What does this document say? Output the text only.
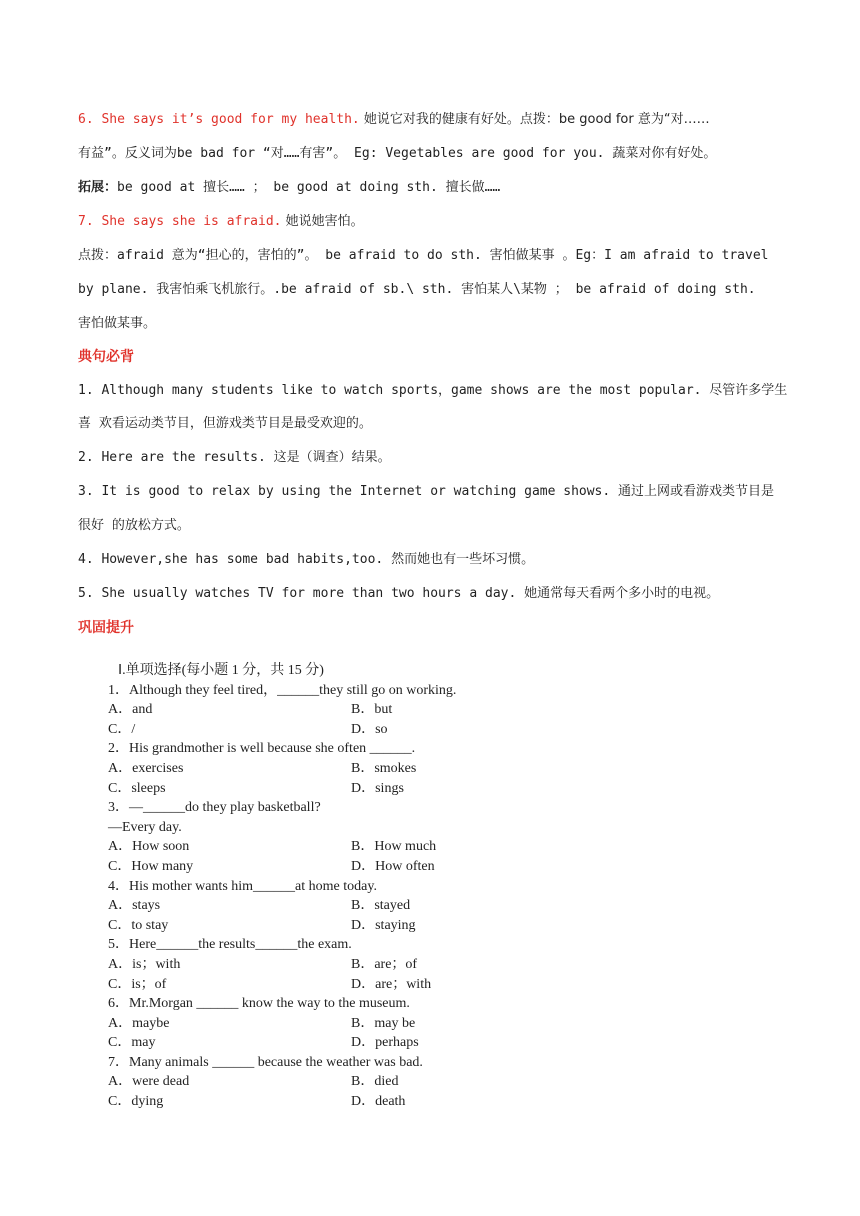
6. She says it’s good for my health. 她说它对我的健康有好处。点拨：be good for 意为“对……
有益”。反义词为be bad for “对……有害”。 Eg: Vegetables are good for you. 蔬菜对你有好处。
拓展：be good at 擅长…… ； be good at doing sth. 擅长做……
7. She says she is afraid. 她说她害怕。
点拨：afraid 意为“担心的，害怕的”。 be afraid to do sth. 害怕做某事 。Eg：I am afraid to travel
by plane. 我害怕乘飞机旅行。.be afraid of sb.\ sth. 害怕某人\某物 ； be afraid of doing sth.
害怕做某事。
典句必背
1. Although many students like to watch sports，game shows are the most popular. 尽管许多学生
喜 欢看运动类节目，但游戏类节目是最受欢迎的。
2. Here are the results. 这是（调查）结果。
3. It is good to relax by using the Internet or watching game shows. 通过上网或看游戏类节目是
很好 的放松方式。
4. However,she has some bad habits,too. 然而她也有一些坏习惯。
5. She usually watches TV for more than two hours a day. 她通常每天看两个多小时的电视。
巩固提升
Ⅰ.单项选择(每小题 1 分，共 15 分)
1．Although they feel tired，______they still go on working.
A．and	B．but
C．/	D．so
2．His grandmother is well because she often ______.
A．exercises	B．smokes
C．sleeps	D．sings
3．—______do they play basketball?
—Every day.
A．How soon	B．How much
C．How many	D．How often
4．His mother wants him______at home today.
A．stays	B．stayed
C．to stay	D．staying
5．Here______the results______the exam.
A．is；with	B．are；of
C．is；of	D．are；with
6．Mr.Morgan ______ know the way to the museum.
A．maybe	B．may be
C．may	D．perhaps
7．Many animals ______ because the weather was bad.
A．were dead	B．died
C．dying	D．death
